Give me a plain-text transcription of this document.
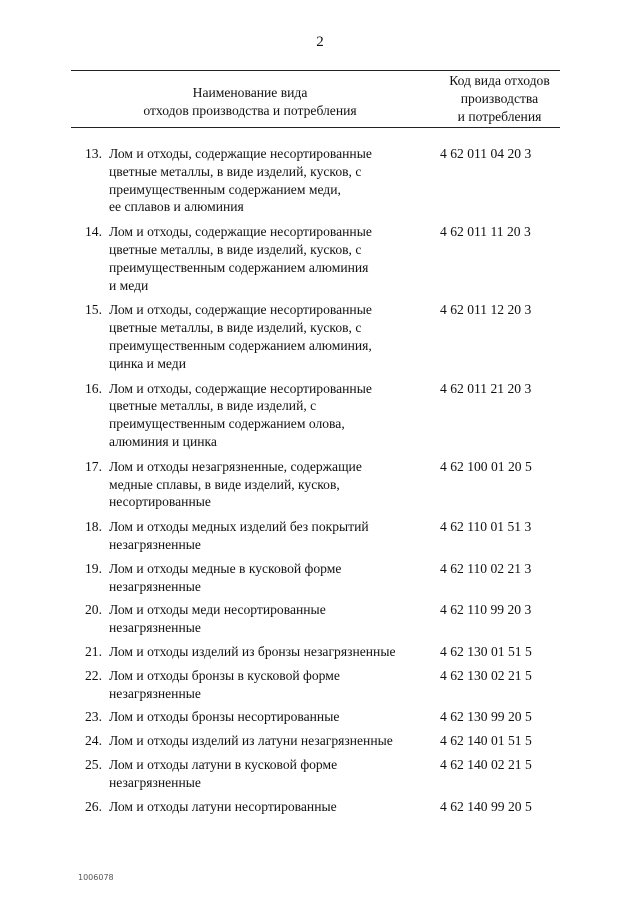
2
Наименование вида
отходов производства и потребления
Код вида отходов
производства
и потребления
13. Лом и отходы, содержащие несортированные
цветные металлы, в виде изделий, кусков, с
преимущественным содержанием меди,
ее сплавов и алюминия
4 62 011 04 20 3
14. Лом и отходы, содержащие несортированные
цветные металлы, в виде изделий, кусков, с
преимущественным содержанием алюминия
и меди
4 62 011 11 20 3
15. Лом и отходы, содержащие несортированные
цветные металлы, в виде изделий, кусков, с
преимущественным содержанием алюминия,
цинка и меди
4 62 011 12 20 3
16. Лом и отходы, содержащие несортированные
цветные металлы, в виде изделий, с
преимущественным содержанием олова,
алюминия и цинка
4 62 011 21 20 3
17. Лом и отходы незагрязненные, содержащие
медные сплавы, в виде изделий, кусков,
несортированные
4 62 100 01 20 5
18. Лом и отходы медных изделий без покрытий
незагрязненные
4 62 110 01 51 3
19. Лом и отходы медные в кусковой форме
незагрязненные
4 62 110 02 21 3
20. Лом и отходы меди несортированные
незагрязненные
4 62 110 99 20 3
21. Лом и отходы изделий из бронзы незагрязненные	4 62 130 01 51 5
22. Лом и отходы бронзы в кусковой форме
незагрязненные
4 62 130 02 21 5
23. Лом и отходы бронзы несортированные	4 62 130 99 20 5
24. Лом и отходы изделий из латуни незагрязненные	4 62 140 01 51 5
25. Лом и отходы латуни в кусковой форме
незагрязненные
4 62 140 02 21 5
26. Лом и отходы латуни несортированные	4 62 140 99 20 5
1006078
